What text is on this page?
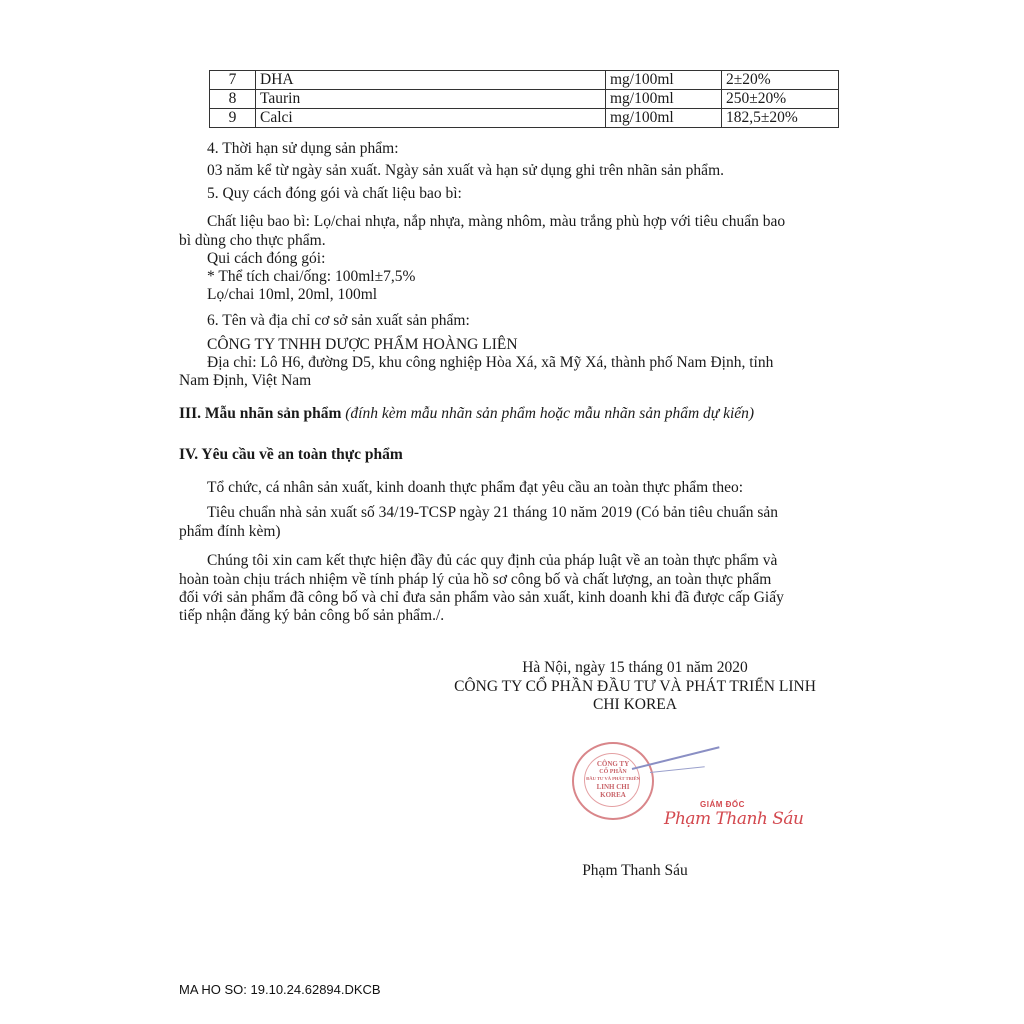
7	DHA	mg/100ml	2±20%
8	Taurin	mg/100ml	250±20%
9	Calci	mg/100ml	182,5±20%
4. Thời hạn sử dụng sản phẩm:
03 năm kể từ ngày sản xuất. Ngày sản xuất và hạn sử dụng ghi trên nhãn sản phẩm.
5. Quy cách đóng gói và chất liệu bao bì:
Chất liệu bao bì: Lọ/chai nhựa, nắp nhựa, màng nhôm, màu trắng phù hợp với tiêu chuẩn bao
bì dùng cho thực phẩm.
Qui cách đóng gói:
* Thể tích chai/ống: 100ml±7,5%
Lọ/chai 10ml, 20ml, 100ml
6. Tên và địa chỉ cơ sở sản xuất sản phẩm:
CÔNG TY TNHH DƯỢC PHẨM HOÀNG LIÊN
Địa chỉ: Lô H6, đường D5, khu công nghiệp Hòa Xá, xã Mỹ Xá, thành phố Nam Định, tỉnh
Nam Định, Việt Nam
III. Mẫu nhãn sản phẩm (đính kèm mẫu nhãn sản phẩm hoặc mẫu nhãn sản phẩm dự kiến)
IV. Yêu cầu về an toàn thực phẩm
Tổ chức, cá nhân sản xuất, kinh doanh thực phẩm đạt yêu cầu an toàn thực phẩm theo:
Tiêu chuẩn nhà sản xuất số 34/19-TCSP ngày 21 tháng 10 năm 2019 (Có bản tiêu chuẩn sản
phẩm đính kèm)
Chúng tôi xin cam kết thực hiện đầy đủ các quy định của pháp luật về an toàn thực phẩm và
hoàn toàn chịu trách nhiệm về tính pháp lý của hồ sơ công bố và chất lượng, an toàn thực phẩm
đối với sản phẩm đã công bố và chỉ đưa sản phẩm vào sản xuất, kinh doanh khi đã được cấp Giấy
tiếp nhận đăng ký bản công bố sản phẩm./.
Hà Nội, ngày 15 tháng 01 năm 2020
CÔNG TY CỔ PHẦN ĐẦU TƯ VÀ PHÁT TRIỂN LINH
CHI KOREA
CÔNG TY
CỔ PHẦN
ĐẦU TƯ VÀ PHÁT TRIỂN
LINH CHI
KOREA
GIÁM ĐỐC
Phạm Thanh Sáu
Phạm Thanh Sáu
MA HO SO: 19.10.24.62894.DKCB
